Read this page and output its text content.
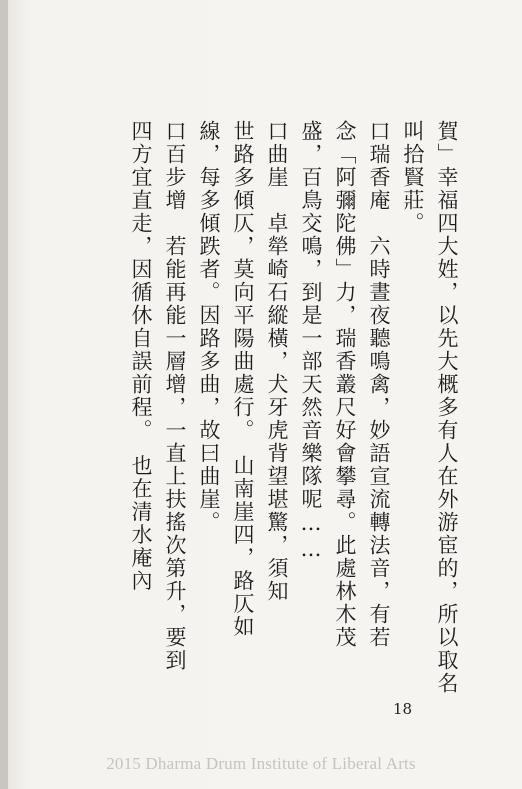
賀」幸福四大姓，以先大概多有人在外游宦的，所以取名
叫拾賢莊。
口瑞香庵　六時晝夜聽鳴禽，妙語宣流轉法音，有若
念「阿彌陀佛」力，瑞香叢尺好會攀尋。此處林木茂
盛，百鳥交鳴，到是一部天然音樂隊呢……
口曲崖　卓犖崎石縱橫，犬牙虎背望堪驚，須知
世路多傾仄，莫向平陽曲處行。　山南崖四，路仄如
線，每多傾跌者。因路多曲，故曰曲崖。
口百步增　若能再能一層增，一直上扶搖次第升，要到
四方宜直走，因循休自誤前程。　也在清水庵內
18
2015 Dharma Drum Institute of Liberal Arts
